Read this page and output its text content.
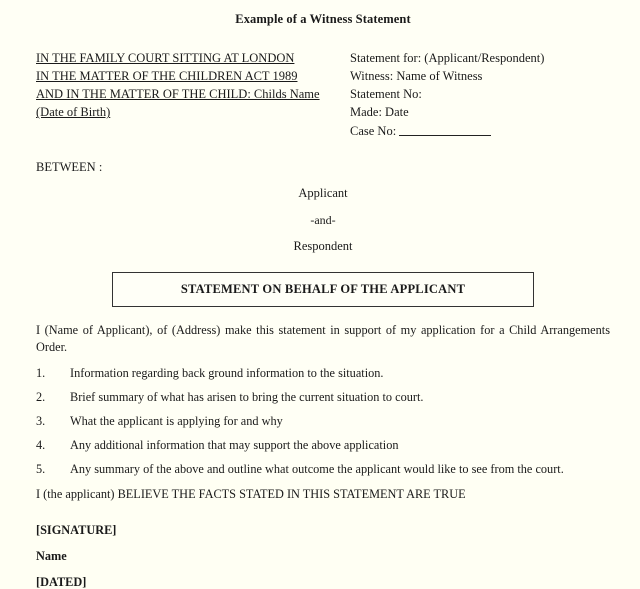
Example of a Witness Statement
IN THE FAMILY COURT SITTING AT LONDON
IN THE MATTER OF THE CHILDREN ACT 1989
AND IN THE MATTER OF THE CHILD: Childs Name (Date of Birth)
Statement for: (Applicant/Respondent)
Witness: Name of Witness
Statement No:
Made: Date
Case No:
BETWEEN :
Applicant
-and-
Respondent
STATEMENT ON BEHALF OF THE APPLICANT
I (Name of Applicant), of (Address) make this statement in support of my application for a Child Arrangements Order.
1.	Information regarding back ground information to the situation.
2.	Brief summary of what has arisen to bring the current situation to court.
3.	What the applicant is applying for and why
4.	Any additional information that may support the above application
5.	Any summary of the above and outline what outcome the applicant would like to see from the court.
I (the applicant) BELIEVE THE FACTS STATED IN THIS STATEMENT ARE TRUE
[SIGNATURE]
Name
[DATED]
